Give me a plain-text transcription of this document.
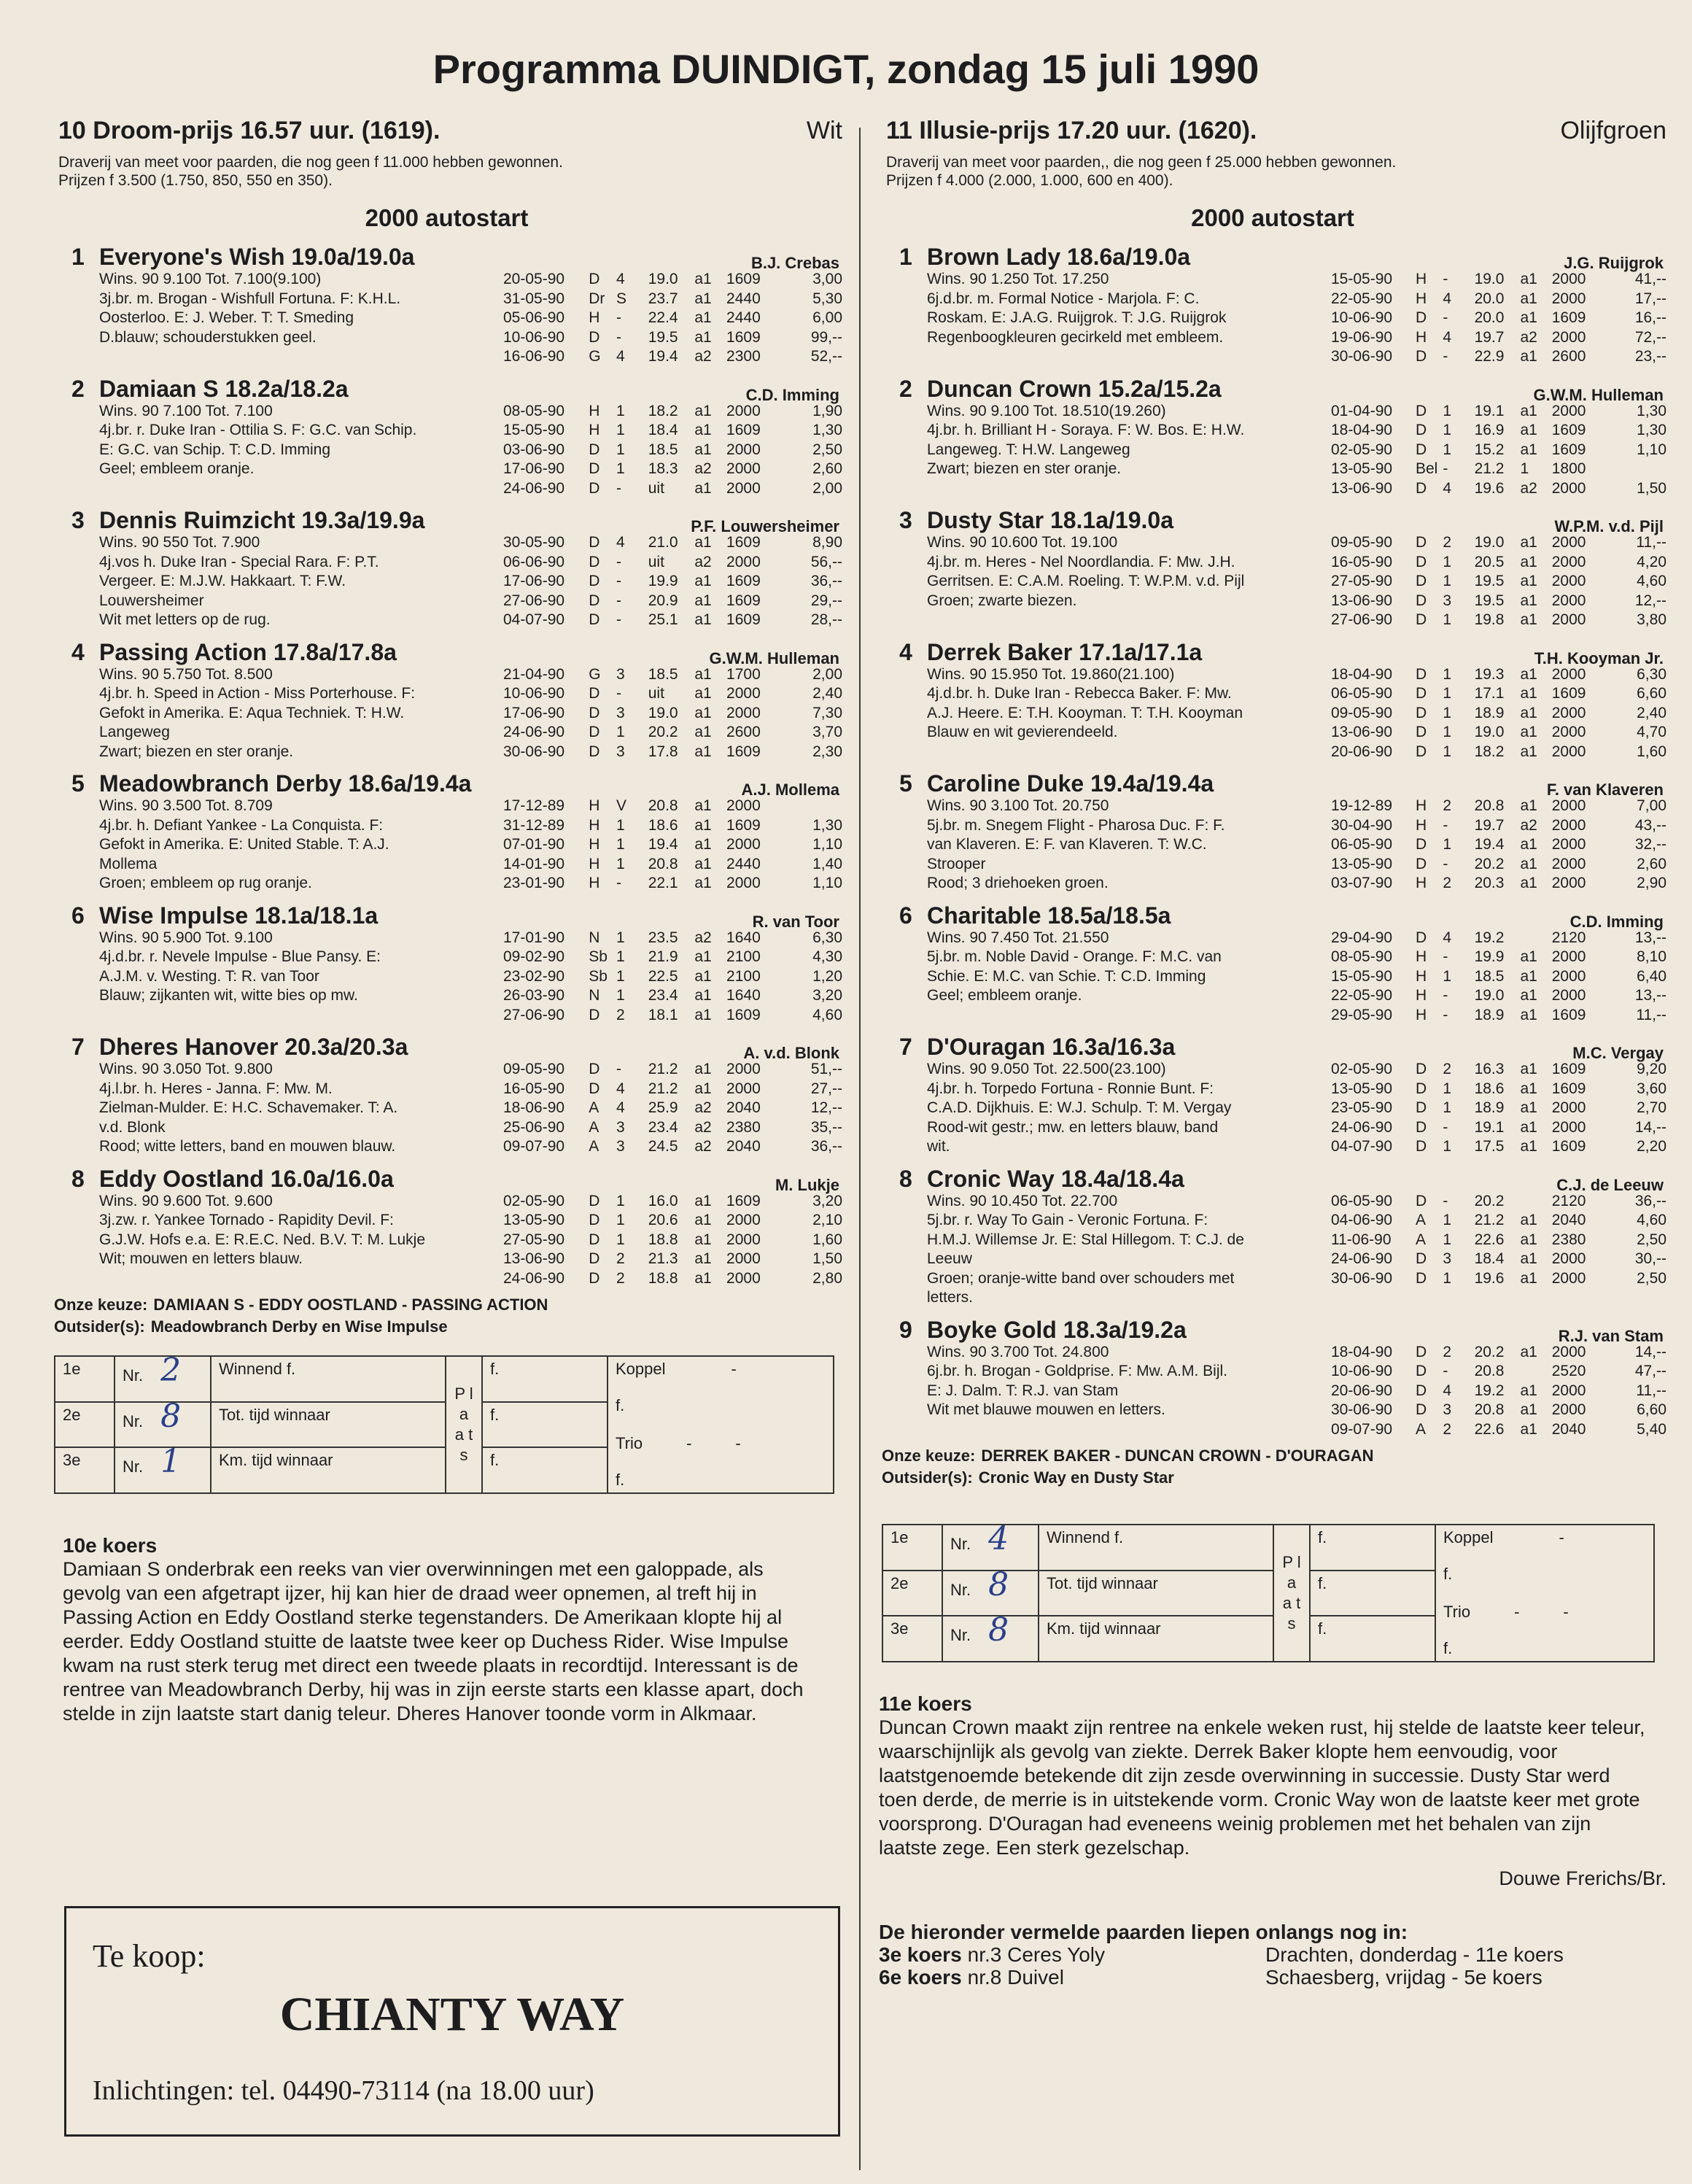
Programma DUINDIGT, zondag 15 juli 1990
10 Droom-prijs 16.57 uur. (1619).	Wit
Draverij van meet voor paarden, die nog geen f 11.000 hebben gewonnen.
Prijzen f 3.500 (1.750, 850, 550 en 350).
2000 autostart
1 Everyone's Wish 19.0a/19.0a	B.J. Crebas
Wins. 90 9.100 Tot. 7.100(9.100)
3j.br. m. Brogan - Wishfull Fortuna. F: K.H.L.
Oosterloo. E: J. Weber. T: T. Smeding
D.blauw; schouderstukken geel.
20-05-90	D	4	19.0	a1 1609	3,00
31-05-90	Dr S	23.7	a1 2440	5,30
05-06-90	H	-	22.4	a1 2440	6,00
10-06-90	D	-	19.5	a1 1609	99,--
16-06-90	G	4	19.4	a2 2300	52,--
2 Damiaan S 18.2a/18.2a	C.D. Imming
Wins. 90 7.100 Tot. 7.100
4j.br. r. Duke Iran - Ottilia S. F: G.C. van Schip.
E: G.C. van Schip. T: C.D. Imming
Geel; embleem oranje.
08-05-90	H	1	18.2	a1 2000	1,90
15-05-90	H	1	18.4	a1 1609	1,30
03-06-90	D	1	18.5	a1 2000	2,50
17-06-90	D	1	18.3	a2 2000	2,60
24-06-90	D	-	uit	a1 2000	2,00
3 Dennis Ruimzicht 19.3a/19.9a	P.F. Louwersheimer
Wins. 90 550 Tot. 7.900
4j.vos h. Duke Iran - Special Rara. F: P.T.
Vergeer. E: M.J.W. Hakkaart. T: F.W.
Louwersheimer
Wit met letters op de rug.
30-05-90	D	4	21.0	a1 1609	8,90
06-06-90	D	-	uit	a2 2000	56,--
17-06-90	D	-	19.9	a1 1609	36,--
27-06-90	D	-	20.9	a1 1609	29,--
04-07-90	D	-	25.1	a1 1609	28,--
4 Passing Action 17.8a/17.8a	G.W.M. Hulleman
Wins. 90 5.750 Tot. 8.500
4j.br. h. Speed in Action - Miss Porterhouse. F:
Gefokt in Amerika. E: Aqua Techniek. T: H.W.
Langeweg
Zwart; biezen en ster oranje.
21-04-90	G	3	18.5	a1 1700	2,00
10-06-90	D	-	uit	a1 2000	2,40
17-06-90	D	3	19.0	a1 2000	7,30
24-06-90	D	1	20.2	a1 2600	3,70
30-06-90	D	3	17.8	a1 1609	2,30
5 Meadowbranch Derby 18.6a/19.4a	A.J. Mollema
Wins. 90 3.500 Tot. 8.709
4j.br. h. Defiant Yankee - La Conquista. F:
Gefokt in Amerika. E: United Stable. T: A.J.
Mollema
Groen; embleem op rug oranje.
17-12-89	H	V	20.8	a1 2000
31-12-89	H	1	18.6	a1 1609	1,30
07-01-90	H	1	19.4	a1 2000	1,10
14-01-90	H	1	20.8	a1 2440	1,40
23-01-90	H	-	22.1	a1 2000	1,10
6 Wise Impulse 18.1a/18.1a	R. van Toor
Wins. 90 5.900 Tot. 9.100
4j.d.br. r. Nevele Impulse - Blue Pansy. E:
A.J.M. v. Westing. T: R. van Toor
Blauw; zijkanten wit, witte bies op mw.
17-01-90	N	1	23.5	a2 1640	6,30
09-02-90	Sb 1	21.9	a1 2100	4,30
23-02-90	Sb 1	22.5	a1 2100	1,20
26-03-90	N	1	23.4	a1 1640	3,20
27-06-90	D	2	18.1	a1 1609	4,60
7 Dheres Hanover 20.3a/20.3a	A. v.d. Blonk
Wins. 90 3.050 Tot. 9.800
4j.l.br. h. Heres - Janna. F: Mw. M.
Zielman-Mulder. E: H.C. Schavemaker. T: A.
v.d. Blonk
Rood; witte letters, band en mouwen blauw.
09-05-90	D	-	21.2	a1 2000	51,--
16-05-90	D	4	21.2	a1 2000	27,--
18-06-90	A	4	25.9	a2 2040	12,--
25-06-90	A	3	23.4	a2 2380	35,--
09-07-90	A	3	24.5	a2 2040	36,--
8 Eddy Oostland 16.0a/16.0a	M. Lukje
Wins. 90 9.600 Tot. 9.600
3j.zw. r. Yankee Tornado - Rapidity Devil. F:
G.J.W. Hofs e.a. E: R.E.C. Ned. B.V. T: M. Lukje
Wit; mouwen en letters blauw.
02-05-90	D	1	16.0	a1 1609	3,20
13-05-90	D	1	20.6	a1 2000	2,10
27-05-90	D	1	18.8	a1 2000	1,60
13-06-90	D	2	21.3	a1 2000	1,50
24-06-90	D	2	18.8	a1 2000	2,80
Onze keuze: DAMIAAN S - EDDY OOSTLAND - PASSING ACTION
Outsider(s): Meadowbranch Derby en Wise Impulse
1e	Nr. 2	Winnend f.	P l a a t s	f.	Koppel -
f.
Trio - -
f.

2e	Nr. 8	Tot. tijd winnaar		f.	
3e	Nr. 1	Km. tijd winnaar		f.	
10e koers
Damiaan S onderbrak een reeks van vier overwinningen met een galoppade, als gevolg van een afgetrapt ijzer, hij kan hier de draad weer opnemen, al treft hij in Passing Action en Eddy Oostland sterke tegenstanders. De Amerikaan klopte hij al eerder. Eddy Oostland stuitte de laatste twee keer op Duchess Rider. Wise Impulse kwam na rust sterk terug met direct een tweede plaats in recordtijd. Interessant is de rentree van Meadowbranch Derby, hij was in zijn eerste starts een klasse apart, doch stelde in zijn laatste start danig teleur. Dheres Hanover toonde vorm in Alkmaar.
Te koop:
CHIANTY WAY
Inlichtingen: tel. 04490-73114 (na 18.00 uur)
11 Illusie-prijs 17.20 uur. (1620).	Olijfgroen
Draverij van meet voor paarden,, die nog geen f 25.000 hebben gewonnen.
Prijzen f 4.000 (2.000, 1.000, 600 en 400).
2000 autostart
1 Brown Lady 18.6a/19.0a	J.G. Ruijgrok
Wins. 90 1.250 Tot. 17.250
6j.d.br. m. Formal Notice - Marjola. F: C.
Roskam. E: J.A.G. Ruijgrok. T: J.G. Ruijgrok
Regenboogkleuren gecirkeld met embleem.
15-05-90	H	-	19.0	a1 2000	41,--
22-05-90	H	4	20.0	a1 2000	17,--
10-06-90	D	-	20.0	a1 1609	16,--
19-06-90	H	4	19.7	a2 2000	72,--
30-06-90	D	-	22.9	a1 2600	23,--
2 Duncan Crown 15.2a/15.2a	G.W.M. Hulleman
Wins. 90 9.100 Tot. 18.510(19.260)
4j.br. h. Brilliant H - Soraya. F: W. Bos. E: H.W.
Langeweg. T: H.W. Langeweg
Zwart; biezen en ster oranje.
01-04-90	D	1	19.1	a1 2000	1,30
18-04-90	D	1	16.9	a1 1609	1,30
02-05-90	D	1	15.2	a1 1609	1,10
13-05-90	Bel -	21.2	1	1800
13-06-90	D	4	19.6	a2 2000	1,50
3 Dusty Star 18.1a/19.0a	W.P.M. v.d. Pijl
Wins. 90 10.600 Tot. 19.100
4j.br. m. Heres - Nel Noordlandia. F: Mw. J.H.
Gerritsen. E: C.A.M. Roeling. T: W.P.M. v.d. Pijl
Groen; zwarte biezen.
09-05-90	D	2	19.0	a1 2000	11,--
16-05-90	D	1	20.5	a1 2000	4,20
27-05-90	D	1	19.5	a1 2000	4,60
13-06-90	D	3	19.5	a1 2000	12,--
27-06-90	D	1	19.8	a1 2000	3,80
4 Derrek Baker 17.1a/17.1a	T.H. Kooyman Jr.
Wins. 90 15.950 Tot. 19.860(21.100)
4j.d.br. h. Duke Iran - Rebecca Baker. F: Mw.
A.J. Heere. E: T.H. Kooyman. T: T.H. Kooyman
Blauw en wit gevierendeeld.
18-04-90	D	1	19.3	a1 2000	6,30
06-05-90	D	1	17.1	a1 1609	6,60
09-05-90	D	1	18.9	a1 2000	2,40
13-06-90	D	1	19.0	a1 2000	4,70
20-06-90	D	1	18.2	a1 2000	1,60
5 Caroline Duke 19.4a/19.4a	F. van Klaveren
Wins. 90 3.100 Tot. 20.750
5j.br. m. Snegem Flight - Pharosa Duc. F: F.
van Klaveren. E: F. van Klaveren. T: W.C.
Strooper
Rood; 3 driehoeken groen.
19-12-89	H	2	20.8	a1 2000	7,00
30-04-90	H	-	19.7	a2 2000	43,--
06-05-90	D	1	19.4	a1 2000	32,--
13-05-90	D	-	20.2	a1 2000	2,60
03-07-90	H	2	20.3	a1 2000	2,90
6 Charitable 18.5a/18.5a	C.D. Imming
Wins. 90 7.450 Tot. 21.550
5j.br. m. Noble David - Orange. F: M.C. van
Schie. E: M.C. van Schie. T: C.D. Imming
Geel; embleem oranje.
29-04-90	D	4	19.2	2120	13,--
08-05-90	H	-	19.9	a1 2000	8,10
15-05-90	H	1	18.5	a1 2000	6,40
22-05-90	H	-	19.0	a1 2000	13,--
29-05-90	H	-	18.9	a1 1609	11,--
7 D'Ouragan 16.3a/16.3a	M.C. Vergay
Wins. 90 9.050 Tot. 22.500(23.100)
4j.br. h. Torpedo Fortuna - Ronnie Bunt. F:
C.A.D. Dijkhuis. E: W.J. Schulp. T: M. Vergay
Rood-wit gestr.; mw. en letters blauw, band
wit.
02-05-90	D	2	16.3	a1 1609	9,20
13-05-90	D	1	18.6	a1 1609	3,60
23-05-90	D	1	18.9	a1 2000	2,70
24-06-90	D	-	19.1	a1 2000	14,--
04-07-90	D	1	17.5	a1 1609	2,20
8 Cronic Way 18.4a/18.4a	C.J. de Leeuw
Wins. 90 10.450 Tot. 22.700
5j.br. r. Way To Gain - Veronic Fortuna. F:
H.M.J. Willemse Jr. E: Stal Hillegom. T: C.J. de
Leeuw
Groen; oranje-witte band over schouders met
letters.
06-05-90	D	-	20.2	2120	36,--
04-06-90	A	1	21.2	a1 2040	4,60
11-06-90	A	1	22.6	a1 2380	2,50
24-06-90	D	3	18.4	a1 2000	30,--
30-06-90	D	1	19.6	a1 2000	2,50
9 Boyke Gold 18.3a/19.2a	R.J. van Stam
Wins. 90 3.700 Tot. 24.800
6j.br. h. Brogan - Goldprise. F: Mw. A.M. Bijl.
E: J. Dalm. T: R.J. van Stam
Wit met blauwe mouwen en letters.
18-04-90	D	2	20.2	a1 2000	14,--
10-06-90	D	-	20.8	2520	47,--
20-06-90	D	4	19.2	a1 2000	11,--
30-06-90	D	3	20.8	a1 2000	6,60
09-07-90	A	2	22.6	a1 2040	5,40
Onze keuze: DERREK BAKER - DUNCAN CROWN - D'OURAGAN
Outsider(s): Cronic Way en Dusty Star
1e	Nr. 4	Winnend f.	P l a a t s	f.	Koppel -
f.
Trio - -
f.

2e	Nr. 8	Tot. tijd winnaar		f.	
3e	Nr. 8	Km. tijd winnaar		f.	
11e koers
Duncan Crown maakt zijn rentree na enkele weken rust, hij stelde de laatste keer teleur, waarschijnlijk als gevolg van ziekte. Derrek Baker klopte hem eenvoudig, voor laatstgenoemde betekende dit zijn zesde overwinning in successie. Dusty Star werd toen derde, de merrie is in uitstekende vorm. Cronic Way won de laatste keer met grote voorsprong. D'Ouragan had eveneens weinig problemen met het behalen van zijn laatste zege. Een sterk gezelschap.
Douwe Frerichs/Br.
De hieronder vermelde paarden liepen onlangs nog in:
3e koers nr.3 Ceres Yoly	Drachten, donderdag - 11e koers
6e koers nr.8 Duivel	Schaesberg, vrijdag - 5e koers
